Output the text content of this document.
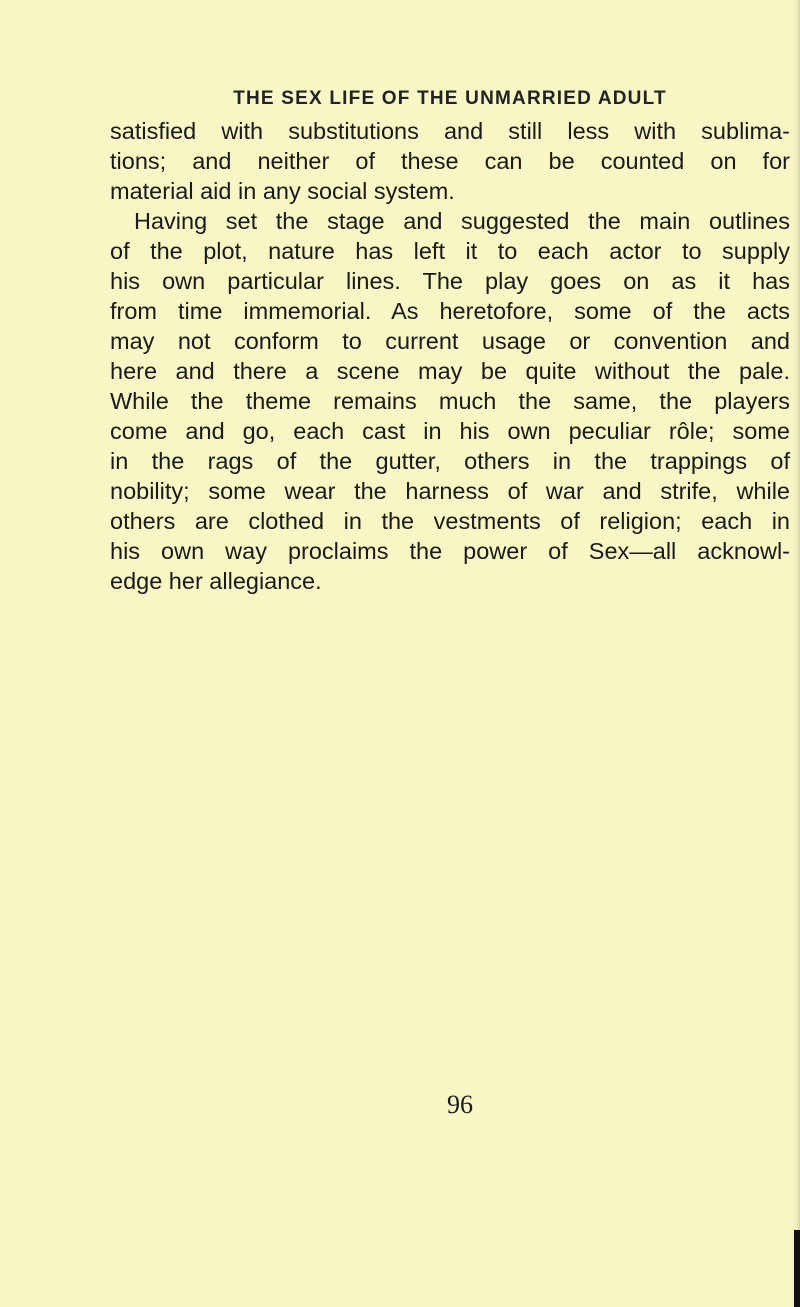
THE SEX LIFE OF THE UNMARRIED ADULT
satisfied with substitutions and still less with sublima-
tions; and neither of these can be counted on for
material aid in any social system.
Having set the stage and suggested the main outlines
of the plot, nature has left it to each actor to supply
his own particular lines. The play goes on as it has
from time immemorial. As heretofore, some of the acts
may not conform to current usage or convention and
here and there a scene may be quite without the pale.
While the theme remains much the same, the players
come and go, each cast in his own peculiar rôle; some
in the rags of the gutter, others in the trappings of
nobility; some wear the harness of war and strife, while
others are clothed in the vestments of religion; each in
his own way proclaims the power of Sex—all acknowl-
edge her allegiance.
96
